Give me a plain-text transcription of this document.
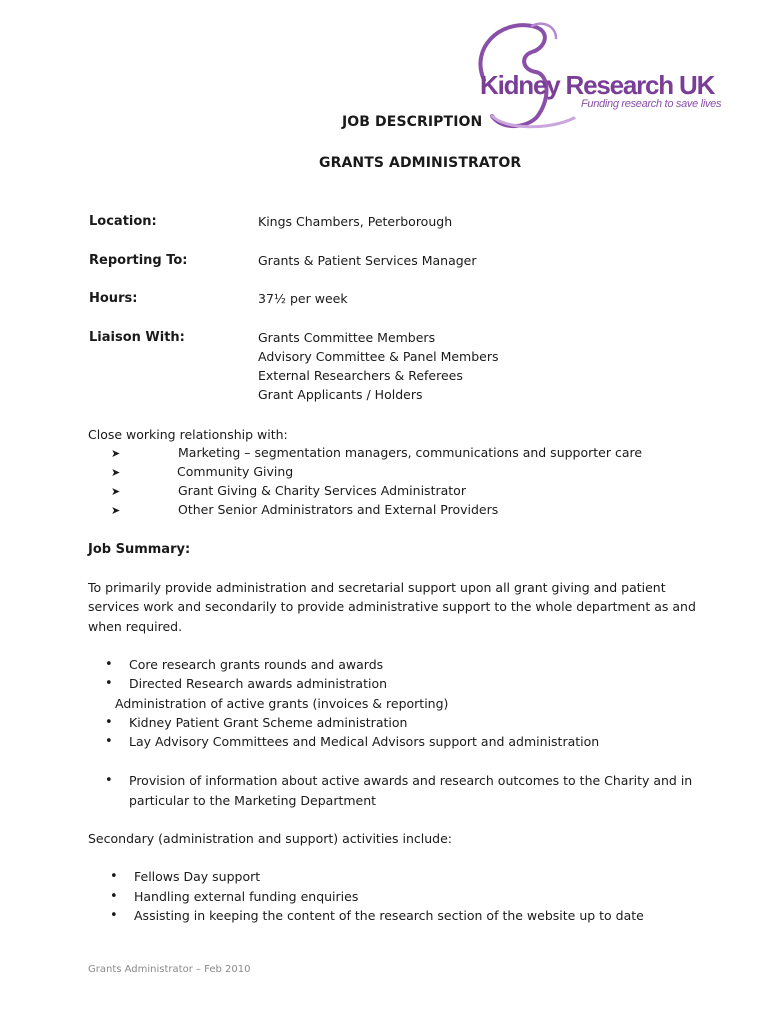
Kidney Research UK
Funding research to save lives
JOB DESCRIPTION
GRANTS ADMINISTRATOR
Location:	Kings Chambers, Peterborough
Reporting To:	Grants & Patient Services Manager
Hours:	37½ per week
Liaison With:	Grants Committee Members
Advisory Committee & Panel Members
External Researchers & Referees
Grant Applicants / Holders
Close working relationship with:
➤	Marketing – segmentation managers, communications and supporter care
➤	Community Giving
➤	Grant Giving & Charity Services Administrator
➤	Other Senior Administrators and External Providers
Job Summary:
To primarily provide administration and secretarial support upon all grant giving and patient
services work and secondarily to provide administrative support to the whole department as and
when required.
• Core research grants rounds and awards
• Directed Research awards administration
Administration of active grants (invoices & reporting)
• Kidney Patient Grant Scheme administration
• Lay Advisory Committees and Medical Advisors support and administration
• Provision of information about active awards and research outcomes to the Charity and in
particular to the Marketing Department
Secondary (administration and support) activities include:
• Fellows Day support
• Handling external funding enquiries
• Assisting in keeping the content of the research section of the website up to date
Grants Administrator – Feb 2010
